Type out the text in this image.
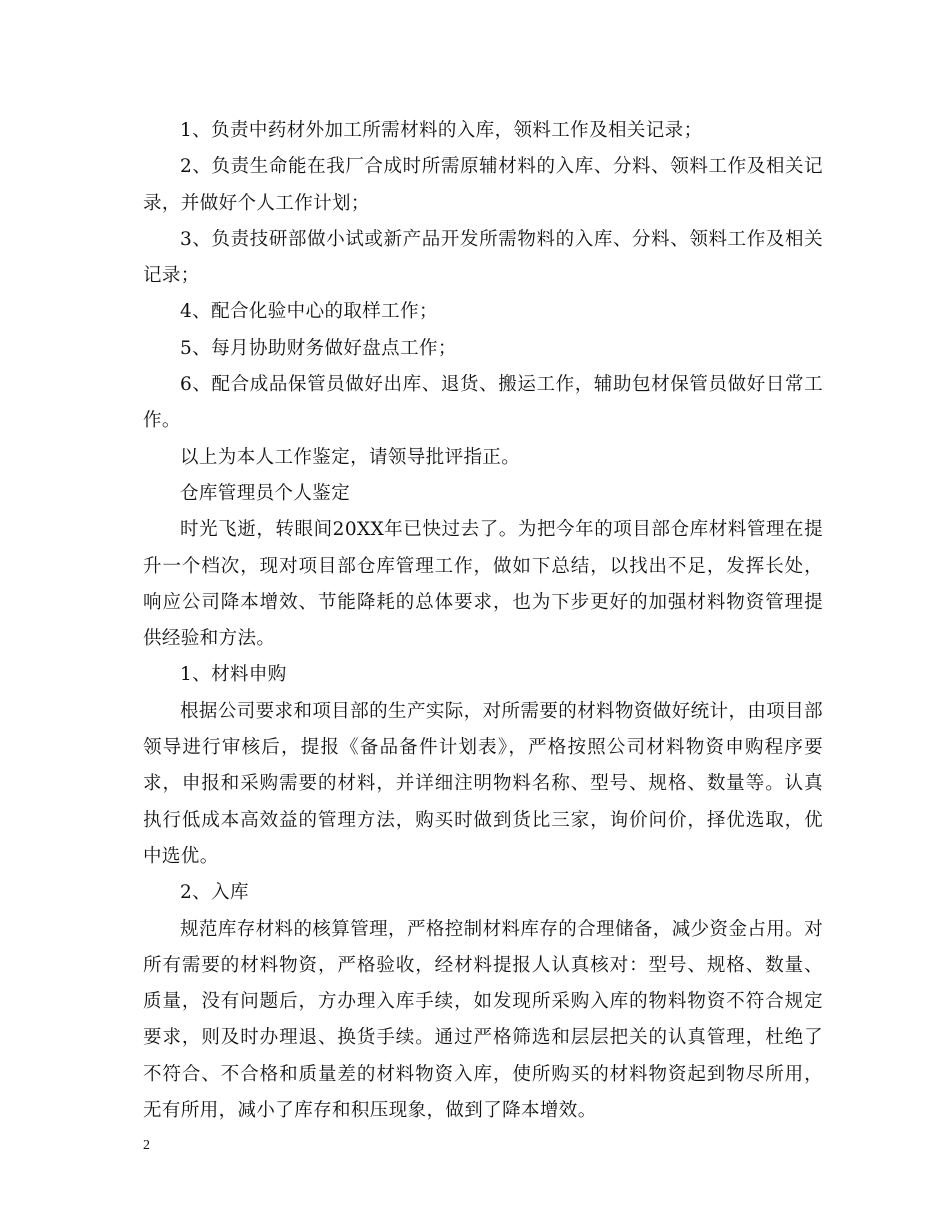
1、负责中药材外加工所需材料的入库，领料工作及相关记录；

2、负责生命能在我厂合成时所需原辅材料的入库、分料、领料工作及相关记录，并做好个人工作计划；

3、负责技研部做小试或新产品开发所需物料的入库、分料、领料工作及相关记录；

4、配合化验中心的取样工作；

5、每月协助财务做好盘点工作；

6、配合成品保管员做好出库、退货、搬运工作，辅助包材保管员做好日常工作。

以上为本人工作鉴定，请领导批评指正。

仓库管理员个人鉴定

时光飞逝，转眼间20XX年已快过去了。为把今年的项目部仓库材料管理在提升一个档次，现对项目部仓库管理工作，做如下总结，以找出不足，发挥长处，响应公司降本增效、节能降耗的总体要求，也为下步更好的加强材料物资管理提供经验和方法。

1、材料申购

根据公司要求和项目部的生产实际，对所需要的材料物资做好统计，由项目部领导进行审核后，提报《备品备件计划表》，严格按照公司材料物资申购程序要求，申报和采购需要的材料，并详细注明物料名称、型号、规格、数量等。认真执行低成本高效益的管理方法，购买时做到货比三家，询价问价，择优选取，优中选优。

2、入库

规范库存材料的核算管理，严格控制材料库存的合理储备，减少资金占用。对所有需要的材料物资，严格验收，经材料提报人认真核对：型号、规格、数量、质量，没有问题后，方办理入库手续，如发现所采购入库的物料物资不符合规定要求，则及时办理退、换货手续。通过严格筛选和层层把关的认真管理，杜绝了不符合、不合格和质量差的材料物资入库，使所购买的材料物资起到物尽所用，无有所用，减小了库存和积压现象，做到了降本增效。

2
